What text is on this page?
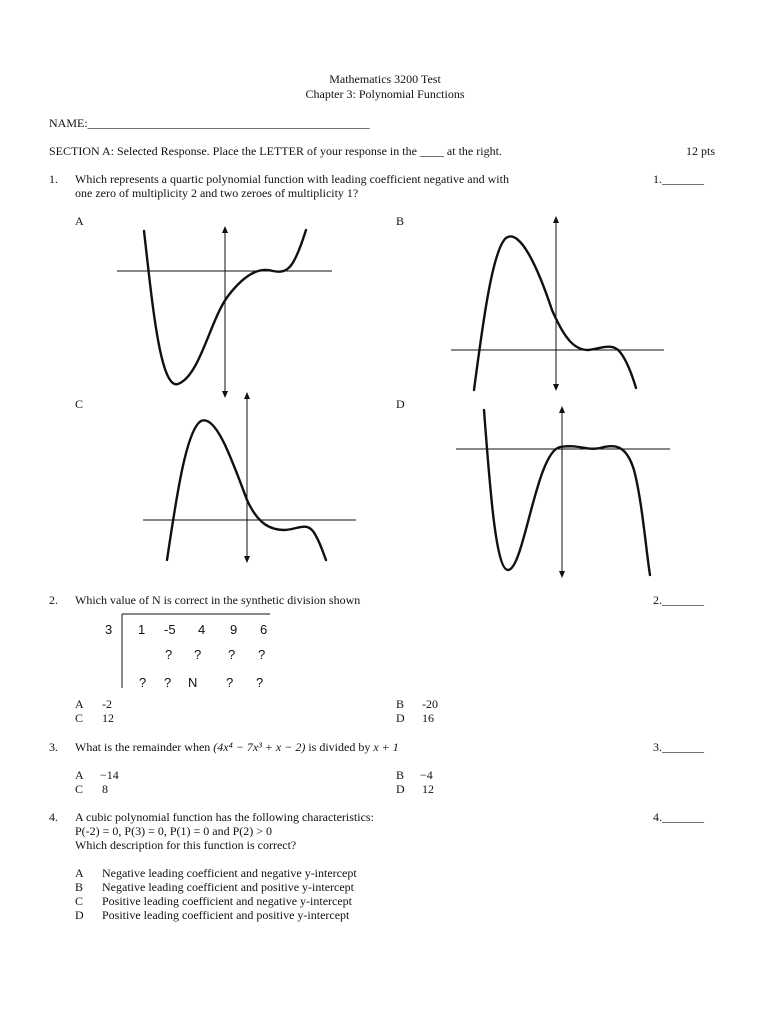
Mathematics 3200 Test
Chapter 3: Polynomial Functions
NAME:_______________________________________________
SECTION A: Selected Response. Place the LETTER of your response in the ____ at the right.	12 pts
1. Which represents a quartic polynomial function with leading coefficient negative and with
one zero of multiplicity 2 and two zeroes of multiplicity 1?
1._______
A	B
C	D
2. Which value of N is correct in the synthetic division shown	2._______
3 1 -5 4 9 6
? ? ? ?
? ? N ? ?
A -2	B -20
C 12	D 16
3. What is the remainder when (4x⁴ − 7x³ + x − 2) is divided by x + 1	3._______
A −14	B −4
C 8	D 12
4. A cubic polynomial function has the following characteristics:
P(-2) = 0, P(3) = 0, P(1) = 0 and P(2) > 0
Which description for this function is correct?
4._______
A Negative leading coefficient and negative y-intercept
B Negative leading coefficient and positive y-intercept
C Positive leading coefficient and negative y-intercept
D Positive leading coefficient and positive y-intercept
